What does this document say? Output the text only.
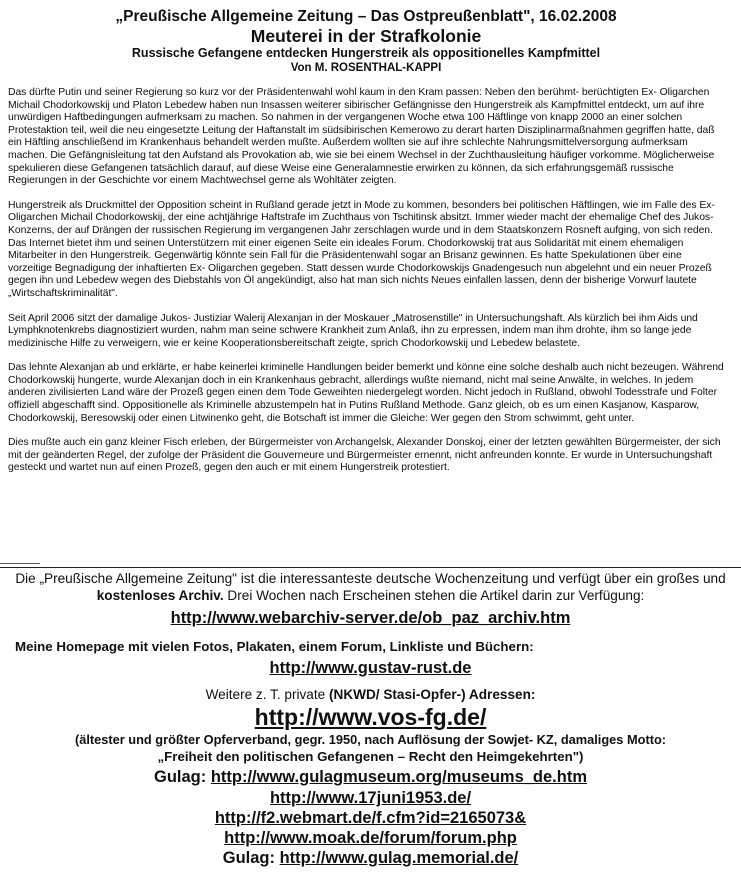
„Preußische Allgemeine Zeitung – Das Ostpreußenblatt", 16.02.2008
Meuterei in der Strafkolonie
Russische Gefangene entdecken Hungerstreik als oppositionelles Kampfmittel
Von M. ROSENTHAL-KAPPI

Das dürfte Putin und seiner Regierung so kurz vor der Präsidentenwahl wohl kaum in den Kram passen: Neben den berühmt- berüchtigten Ex- Oligarchen Michail Chodorkowskij und Platon Lebedew haben nun Insassen weiterer sibirischer Gefängnisse den Hungerstreik als Kampfmittel entdeckt, um auf ihre unwürdigen Haftbedingungen aufmerksam zu machen. So nahmen in der vergangenen Woche etwa 100 Häftlinge von knapp 2000 an einer solchen Protestaktion teil, weil die neu eingesetzte Leitung der Haftanstalt im südsibirischen Kemerowo zu derart harten Disziplinarmaßnahmen gegriffen hatte, daß ein Häftling anschließend im Krankenhaus behandelt werden mußte. Außerdem wollten sie auf ihre schlechte Nahrungsmittelversorgung aufmerksam machen. Die Gefängnisleitung tat den Aufstand als Provokation ab, wie sie bei einem Wechsel in der Zuchthausleitung häufiger vorkomme. Möglicherweise spekulieren diese Gefangenen tatsächlich darauf, auf diese Weise eine Generalamnestie erwirken zu können, da sich erfahrungsgemäß russische Regierungen in der Geschichte vor einem Machtwechsel gerne als Wohltäter zeigten.

Hungerstreik als Druckmittel der Opposition scheint in Rußland gerade jetzt in Mode zu kommen, besonders bei politischen Häftlingen, wie im Falle des Ex- Oligarchen Michail Chodorkowskij, der eine achtjährige Haftstrafe im Zuchthaus von Tschitinsk absitzt. Immer wieder macht der ehemalige Chef des Jukos- Konzerns, der auf Drängen der russischen Regierung im vergangenen Jahr zerschlagen wurde und in dem Staatskonzern Rosneft aufging, von sich reden. Das Internet bietet ihm und seinen Unterstützern mit einer eigenen Seite ein ideales Forum. Chodorkowskij trat aus Solidarität mit einem ehemaligen Mitarbeiter in den Hungerstreik. Gegenwärtig könnte sein Fall für die Präsidentenwahl sogar an Brisanz gewinnen. Es hatte Spekulationen über eine vorzeitige Begnadigung der inhaftierten Ex- Oligarchen gegeben. Statt dessen wurde Chodorkowskijs Gnadengesuch nun abgelehnt und ein neuer Prozeß gegen ihn und Lebedew wegen des Diebstahls von Öl angekündigt, also hat man sich nichts Neues einfallen lassen, denn der bisherige Vorwurf lautete „Wirtschaftskriminalität".

Seit April 2006 sitzt der damalige Jukos- Justiziar Walerij Alexanjan in der Moskauer „Matrosenstille" in Untersuchungshaft. Als kürzlich bei ihm Aids und Lymphknotenkrebs diagnostiziert wurden, nahm man seine schwere Krankheit zum Anlaß, ihn zu erpressen, indem man ihm drohte, ihm so lange jede medizinische Hilfe zu verweigern, wie er keine Kooperationsbereitschaft zeigte, sprich Chodorkowskij und Lebedew belastete.

Das lehnte Alexanjan ab und erklärte, er habe keinerlei kriminelle Handlungen beider bemerkt und könne eine solche deshalb auch nicht bezeugen. Während Chodorkowskij hungerte, wurde Alexanjan doch in ein Krankenhaus gebracht, allerdings wußte niemand, nicht mal seine Anwälte, in welches. In jedem anderen zivilisierten Land wäre der Prozeß gegen einen dem Tode Geweihten niedergelegt worden. Nicht jedoch in Rußland, obwohl Todesstrafe und Folter offiziell abgeschafft sind. Oppositionelle als Kriminelle abzustempeln hat in Putins Rußland Methode. Ganz gleich, ob es um einen Kasjanow, Kasparow, Chodorkowskij, Beresowskij oder einen Litwinenko geht, die Botschaft ist immer die Gleiche: Wer gegen den Strom schwimmt, geht unter.

Dies mußte auch ein ganz kleiner Fisch erleben, der Bürgermeister von Archangelsk, Alexander Donskoj, einer der letzten gewählten Bürgermeister, der sich mit der geänderten Regel, der zufolge der Präsident die Gouverneure und Bürgermeister ernennt, nicht anfreunden konnte. Er wurde in Untersuchungshaft gesteckt und wartet nun auf einen Prozeß, gegen den auch er mit einem Hungerstreik protestiert.

Die „Preußische Allgemeine Zeitung" ist die interessanteste deutsche Wochenzeitung und verfügt über ein großes und kostenloses Archiv. Drei Wochen nach Erscheinen stehen die Artikel darin zur Verfügung:
http://www.webarchiv-server.de/ob_paz_archiv.htm
Meine Homepage mit vielen Fotos, Plakaten, einem Forum, Linkliste und Büchern:
http://www.gustav-rust.de
Weitere z. T. private (NKWD/ Stasi-Opfer-) Adressen:
http://www.vos-fg.de/
(ältester und größter Opferverband, gegr. 1950, nach Auflösung der Sowjet- KZ, damaliges Motto:
„Freiheit den politischen Gefangenen – Recht den Heimgekehrten")
Gulag: http://www.gulagmuseum.org/museums_de.htm
http://www.17juni1953.de/
http://f2.webmart.de/f.cfm?id=2165073&
http://www.moak.de/forum/forum.php
Gulag: http://www.gulag.memorial.de/
